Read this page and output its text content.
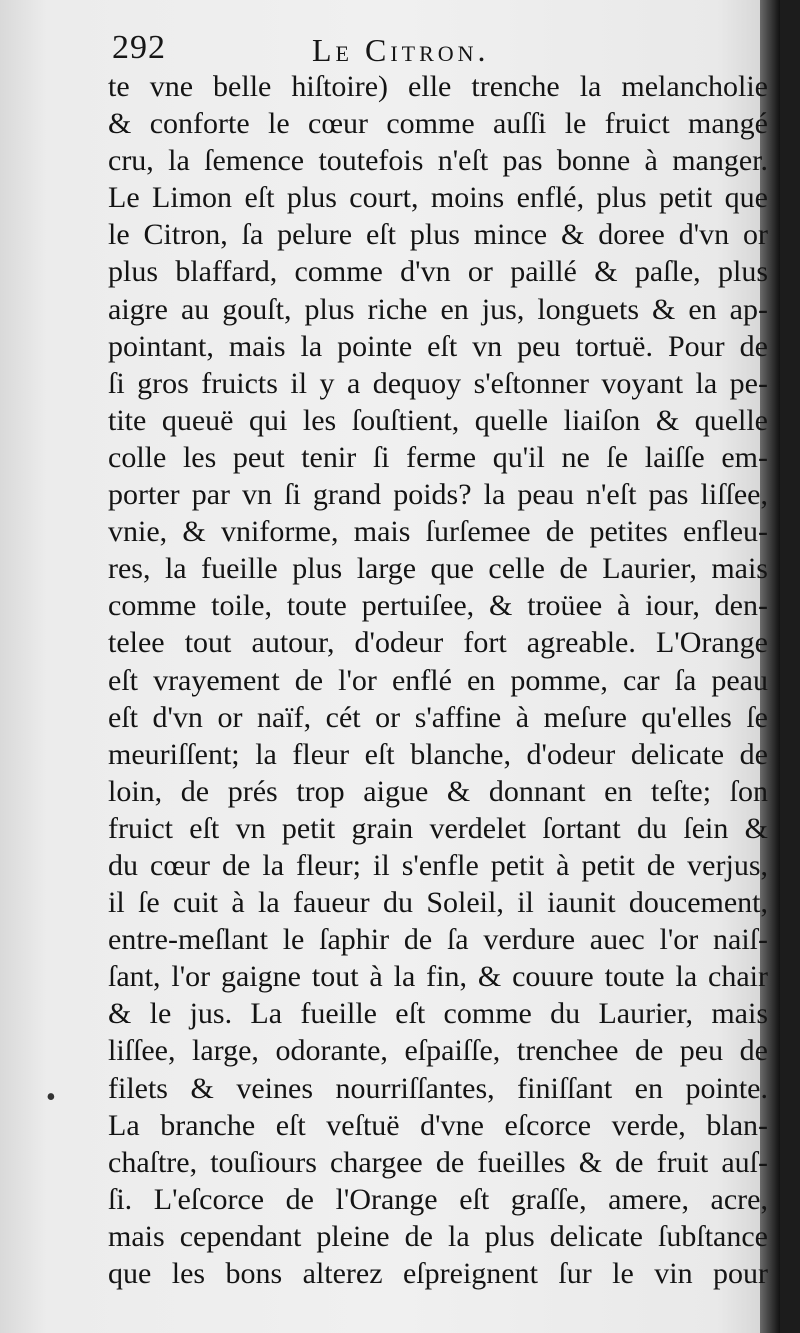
292	Le Citron.
te vne belle hiſtoire) elle trenche la melancholie
& conforte le cœur comme auſſi le fruict mangé
cru, la ſemence toutefois n'eſt pas bonne à manger.
Le Limon eſt plus court, moins enflé, plus petit que
le Citron, ſa pelure eſt plus mince & doree d'vn or
plus blaffard, comme d'vn or paillé & paſle, plus
aigre au gouſt, plus riche en jus, longuets & en ap-
pointant, mais la pointe eſt vn peu tortuë. Pour de
ſi gros fruicts il y a dequoy s'eſtonner voyant la pe-
tite queuë qui les ſouſtient, quelle liaiſon & quelle
colle les peut tenir ſi ferme qu'il ne ſe laiſſe em-
porter par vn ſi grand poids? la peau n'eſt pas liſſee,
vnie, & vniforme, mais ſurſemee de petites enfleu-
res, la fueille plus large que celle de Laurier, mais
comme toile, toute pertuiſee, & troüee à iour, den-
telee tout autour, d'odeur fort agreable. L'Orange
eſt vrayement de l'or enflé en pomme, car ſa peau
eſt d'vn or naïf, cét or s'affine à meſure qu'elles ſe
meuriſſent; la fleur eſt blanche, d'odeur delicate de
loin, de prés trop aigue & donnant en teſte; ſon
fruict eſt vn petit grain verdelet ſortant du ſein &
du cœur de la fleur; il s'enfle petit à petit de verjus,
il ſe cuit à la faueur du Soleil, il iaunit doucement,
entre-meſlant le ſaphir de ſa verdure auec l'or naiſ-
ſant, l'or gaigne tout à la fin, & couure toute la chair
& le jus. La fueille eſt comme du Laurier, mais
liſſee, large, odorante, eſpaiſſe, trenchee de peu de
filets & veines nourriſſantes, finiſſant en pointe.
La branche eſt veſtuë d'vne eſcorce verde, blan-
chaſtre, touſiours chargee de fueilles & de fruit auſ-
ſi. L'eſcorce de l'Orange eſt graſſe, amere, acre,
mais cependant pleine de la plus delicate ſubſtance
que les bons alterez eſpreignent ſur le vin pour
•
